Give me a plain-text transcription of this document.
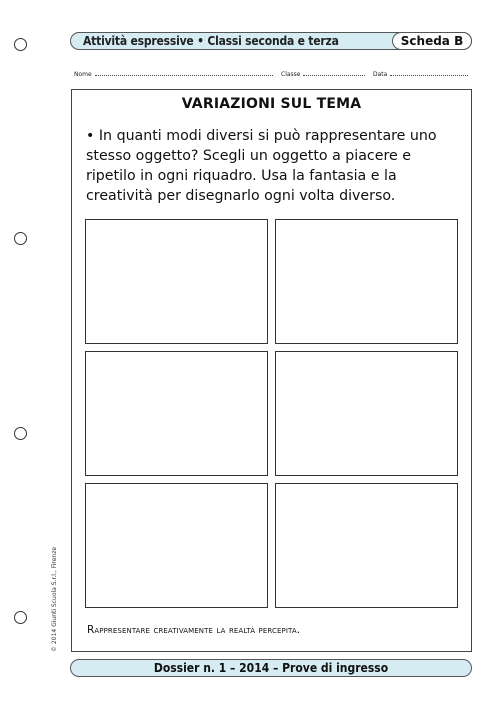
Attività espressive • Classi seconda e terza	Scheda B
Nome	Classe	Data
VARIAZIONI SUL TEMA
• In quanti modi diversi si può rappresentare uno stesso oggetto? Scegli un oggetto a piacere e ripetilo in ogni riquadro. Usa la fantasia e la creatività per disegnarlo ogni volta diverso.
Rappresentare creativamente la realtà percepita.
© 2014 Giunti Scuola S.r.l., Firenze
Dossier n. 1 – 2014 – Prove di ingresso
